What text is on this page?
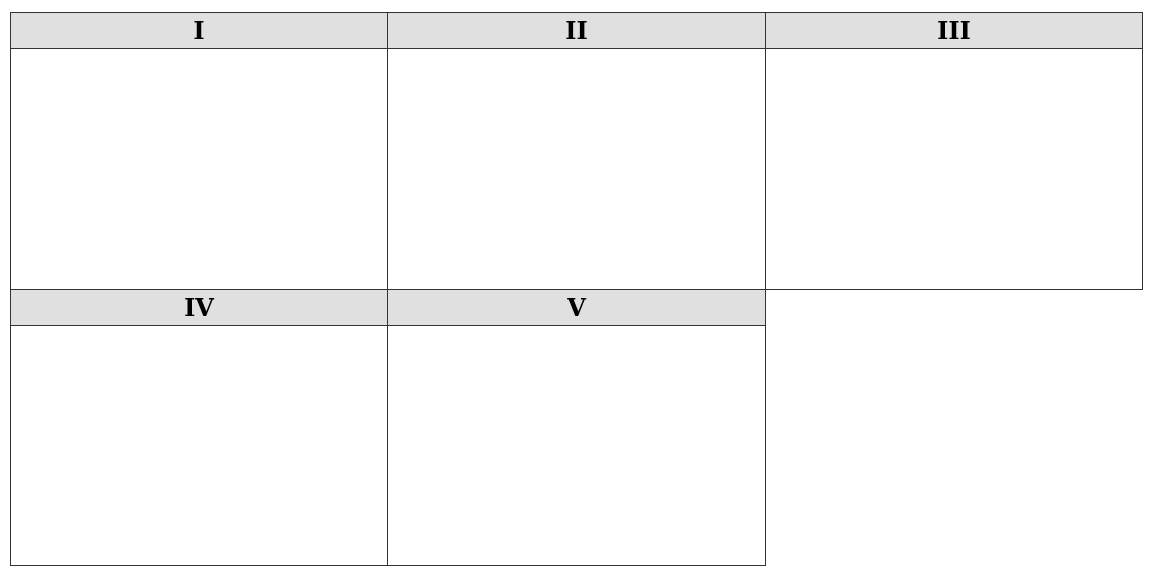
I	II	III
IV	V
